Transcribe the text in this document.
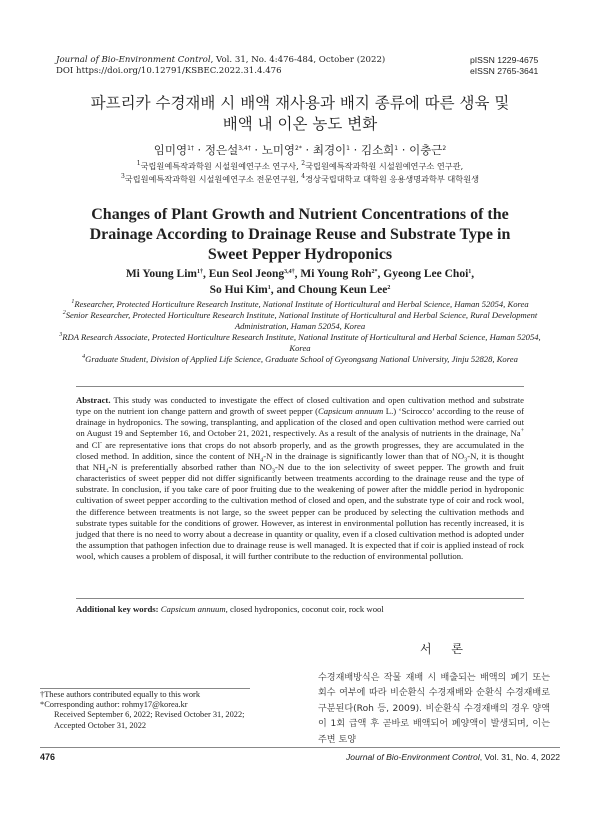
Journal of Bio-Environment Control, Vol. 31, No. 4:476-484, October (2022)
DOI https://doi.org/10.12791/KSBEC.2022.31.4.476
pISSN 1229-4675
eISSN 2765-3641
파프리카 수경재배 시 배액 재사용과 배지 종류에 따른 생육 및
배액 내 이온 농도 변화
임미영$^{1\dagger}$ · 정은설$^{3,4\dagger}$ · 노미영$^{2*}$ · 최경이$^1$ · 김소희$^1$ · 이충근$^2$
$^1$국립원예특작과학원 시설원예연구소 연구사, $^2$국립원예특작과학원 시설원예연구소 연구관,
$^3$국립원예특작과학원 시설원예연구소 전문연구원, $^4$경상국립대학교 대학원 응용생명과학부 대학원생
Changes of Plant Growth and Nutrient Concentrations of the
Drainage According to Drainage Reuse and Substrate Type in
Sweet Pepper Hydroponics
Mi Young Lim$^{1\dagger}$, Eun Seol Jeong$^{3,4\dagger}$, Mi Young Roh$^{2*}$, Gyeong Lee Choi$^1$,
So Hui Kim$^1$, and Choung Keun Lee$^2$

$^1$Researcher, Protected Horticulture Research Institute, National Institute of Horticultural and Herbal Science, Haman 52054, Korea

$^2$Senior Researcher, Protected Horticulture Research Institute, National Institute of Horticultural and Herbal Science, Rural Development Administration, Haman 52054, Korea

$^3$RDA Research Associate, Protected Horticulture Research Institute, National Institute of Horticultural and Herbal Science, Haman 52054, Korea

$^4$Graduate Student, Division of Applied Life Science, Graduate School of Gyeongsang National University, Jinju 52828, Korea

Abstract. This study was conducted to investigate the effect of closed cultivation and open cultivation method and substrate type on the nutrient ion change pattern and growth of sweet pepper (Capsicum annuum L.) ‘Scirocco’ according to the reuse of drainage in hydroponics. The sowing, transplanting, and application of the closed and open cultivation method were carried out on August 19 and September 16, and October 21, 2021, respectively. As a result of the analysis of nutrients in the drainage, Na+ and Cl- are representative ions that crops do not absorb properly, and as the growth progresses, they are accumulated in the closed method. In addition, since the content of $NH_4-N$ in the drainage is significantly lower than that of $NO_3-N$, it is thought that $NH_4-N$ is preferentially absorbed rather than $NO_3-N$ due to the ion selectivity of sweet pepper. The growth and fruit characteristics of sweet pepper did not differ significantly between treatments according to the drainage reuse and the type of substrate. In conclusion, if you take care of poor fruiting due to the weakening of power after the middle period in hydroponic cultivation of sweet pepper according to the cultivation method of closed and open, and the substrate type of coir and rock wool, the difference between treatments is not large, so the sweet pepper can be produced by selecting the cultivation methods and substrate types suitable for the conditions of grower. However, as interest in environmental pollution has recently increased, it is judged that there is no need to worry about a decrease in quantity or quality, even if a closed cultivation method is adopted under the assumption that pathogen infection due to drainage reuse is well managed. It is expected that if coir is applied instead of rock wool, which causes a problem of disposal, it will further contribute to the reduction of environmental pollution.
Additional key words: Capsicum annuum, closed hydroponics, coconut coir, rock wool
서 론
수경재배방식은 작물 재배 시 배출되는 배액의 폐기 또는 회수 여부에 따라 비순환식 수경재배와 순환식 수경재배로 구분된다(Roh 등, 2009). 비순환식 수경재배의 경우 양액이 1회 급액 후 곧바로 배액되어 폐양액이 발생되며, 이는 주변 토양

†These authors contributed equally to this work

*Corresponding author: rohmy17@korea.kr

Received September 6, 2022; Revised October 31, 2022;

Accepted October 31, 2022

476	Journal of Bio-Environment Control, Vol. 31, No. 4, 2022
